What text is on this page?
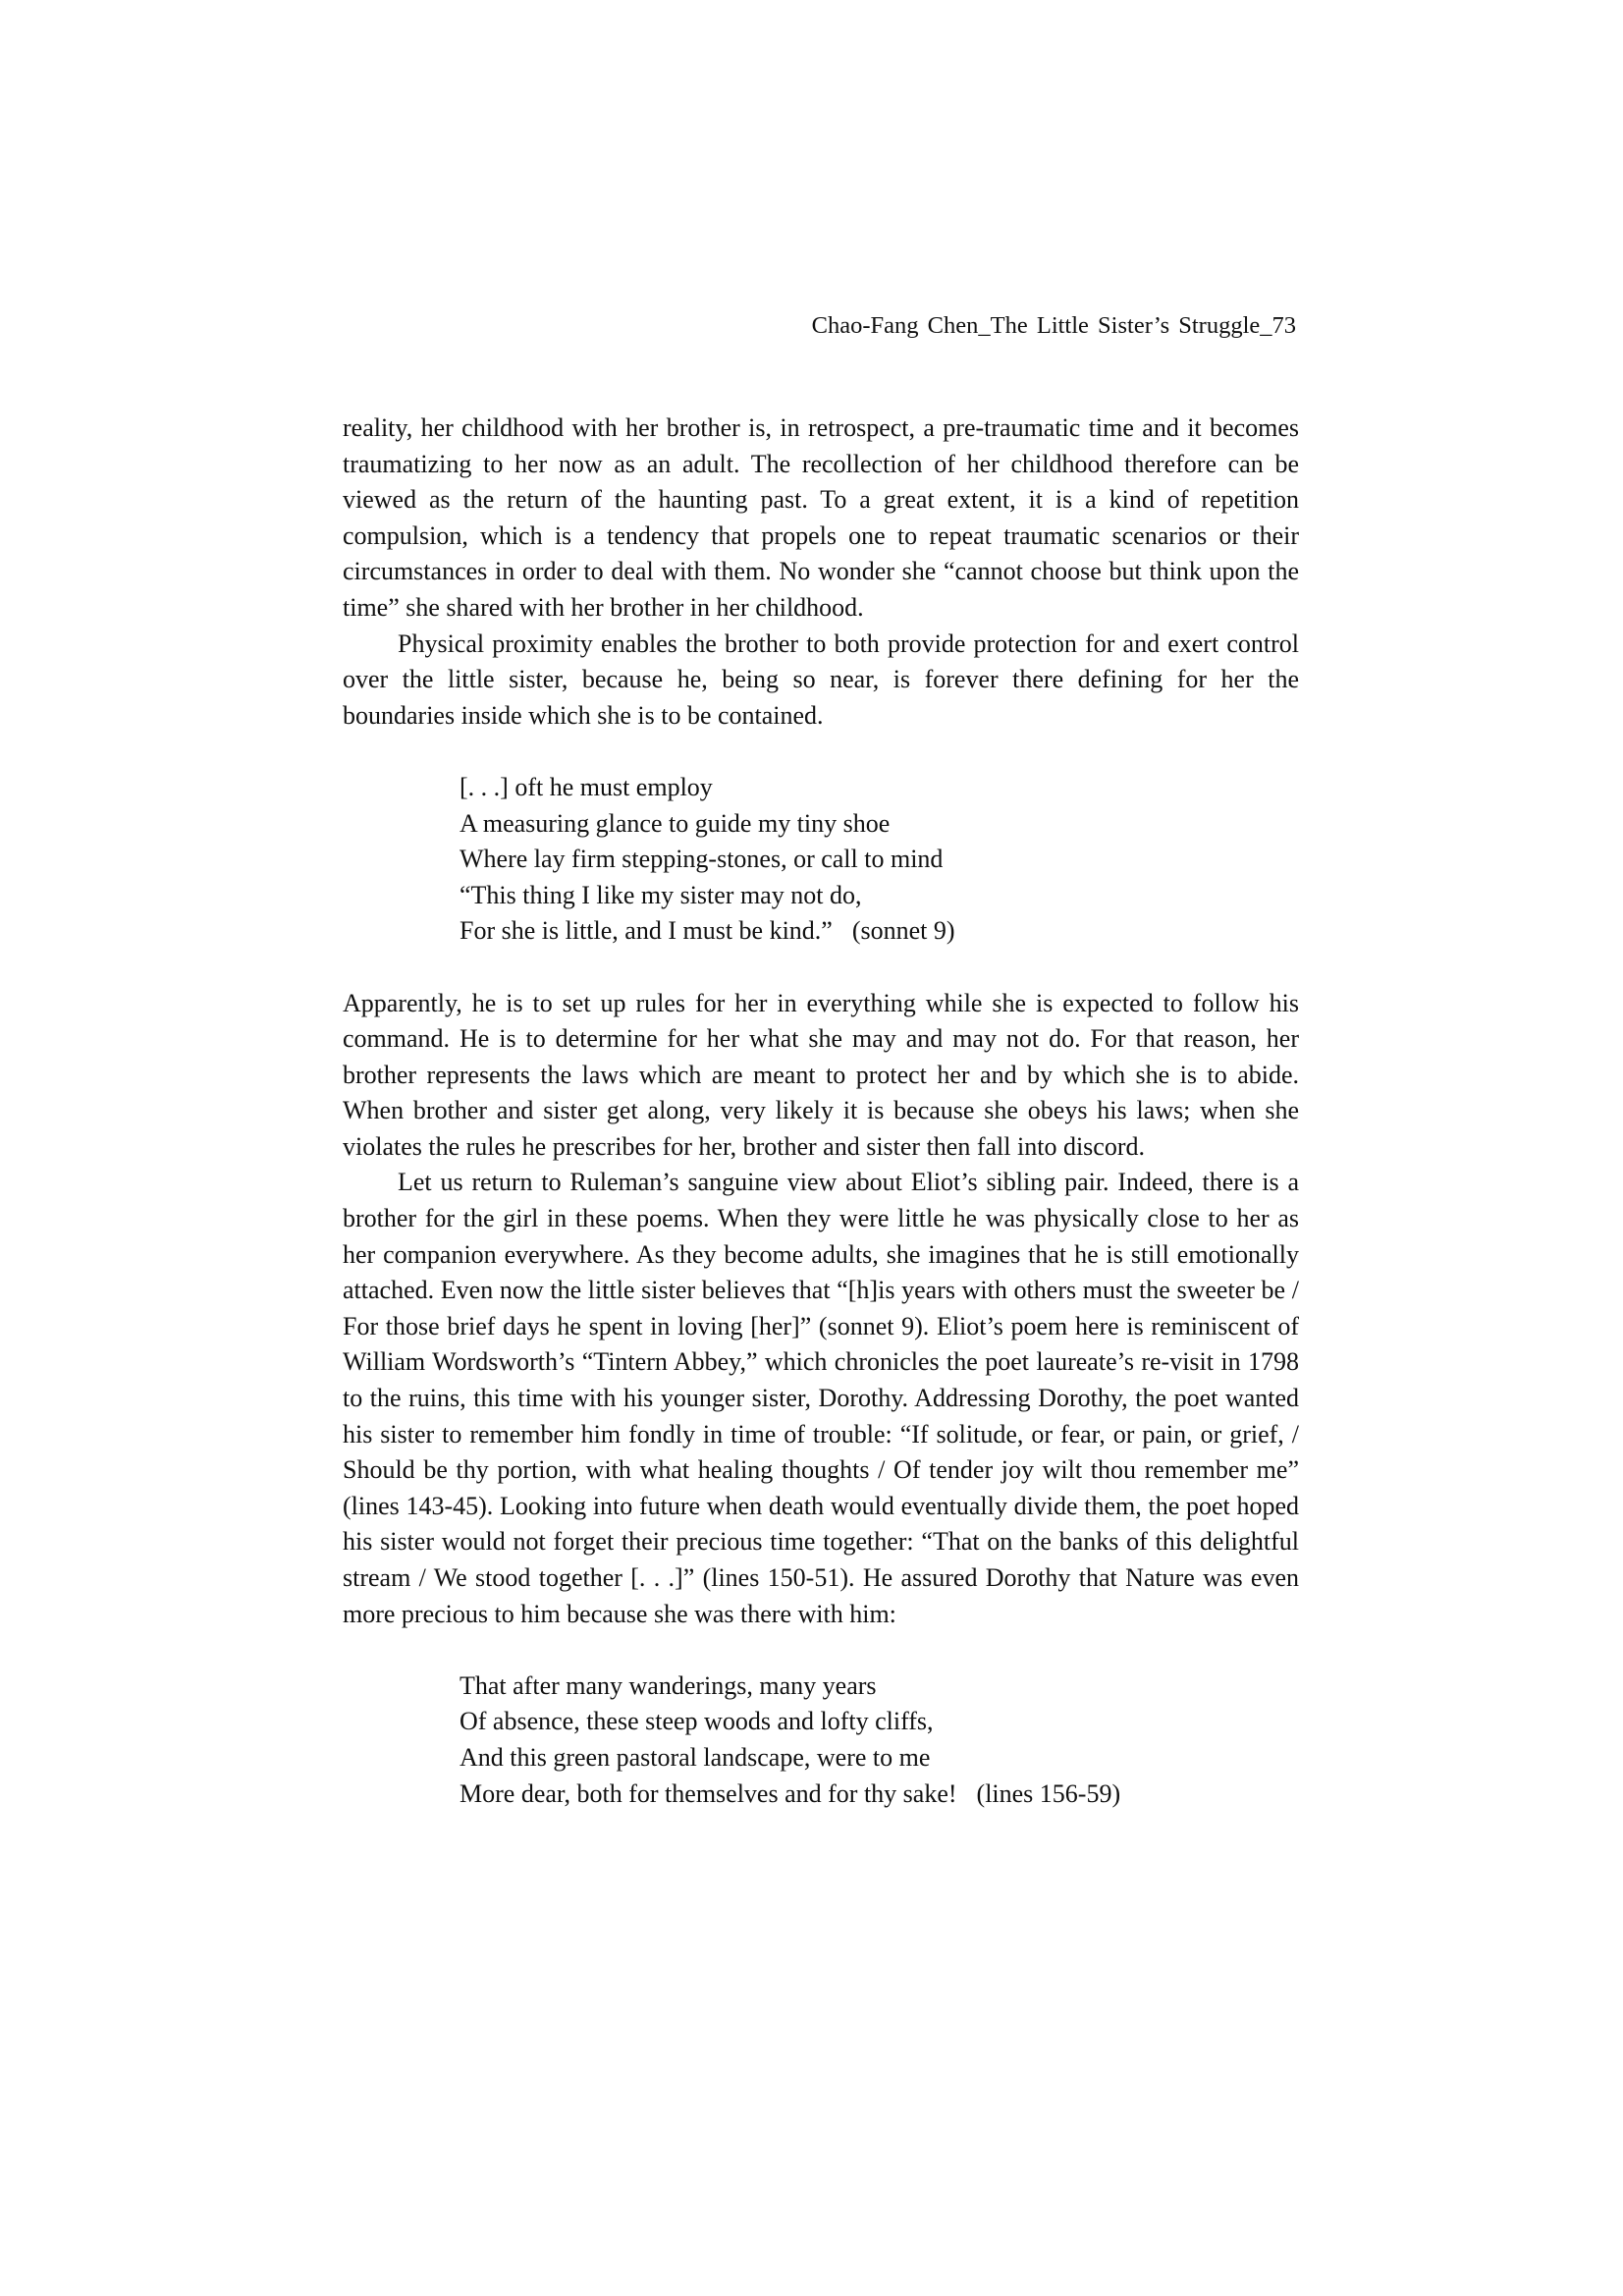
Chao-Fang Chen_The Little Sister’s Struggle_73

reality, her childhood with her brother is, in retrospect, a pre-traumatic time and it becomes traumatizing to her now as an adult. The recollection of her childhood therefore can be viewed as the return of the haunting past. To a great extent, it is a kind of repetition compulsion, which is a tendency that propels one to repeat traumatic scenarios or their circumstances in order to deal with them. No wonder she “cannot choose but think upon the time” she shared with her brother in her childhood.

Physical proximity enables the brother to both provide protection for and exert control over the little sister, because he, being so near, is forever there defining for her the boundaries inside which she is to be contained.

[. . .] oft he must employ
A measuring glance to guide my tiny shoe
Where lay firm stepping-stones, or call to mind
“This thing I like my sister may not do,
For she is little, and I must be kind.” (sonnet 9)

Apparently, he is to set up rules for her in everything while she is expected to follow his command. He is to determine for her what she may and may not do. For that reason, her brother represents the laws which are meant to protect her and by which she is to abide. When brother and sister get along, very likely it is because she obeys his laws; when she violates the rules he prescribes for her, brother and sister then fall into discord.

Let us return to Ruleman’s sanguine view about Eliot’s sibling pair. Indeed, there is a brother for the girl in these poems. When they were little he was physically close to her as her companion everywhere. As they become adults, she imagines that he is still emotionally attached. Even now the little sister believes that “[h]is years with others must the sweeter be / For those brief days he spent in loving [her]” (sonnet 9). Eliot’s poem here is reminiscent of William Wordsworth’s “Tintern Abbey,” which chronicles the poet laureate’s re-visit in 1798 to the ruins, this time with his younger sister, Dorothy. Addressing Dorothy, the poet wanted his sister to remember him fondly in time of trouble: “If solitude, or fear, or pain, or grief, / Should be thy portion, with what healing thoughts / Of tender joy wilt thou remember me” (lines 143-45). Looking into future when death would eventually divide them, the poet hoped his sister would not forget their precious time together: “That on the banks of this delightful stream / We stood together [. . .]” (lines 150-51). He assured Dorothy that Nature was even more precious to him because she was there with him:

That after many wanderings, many years
Of absence, these steep woods and lofty cliffs,
And this green pastoral landscape, were to me
More dear, both for themselves and for thy sake! (lines 156-59)
